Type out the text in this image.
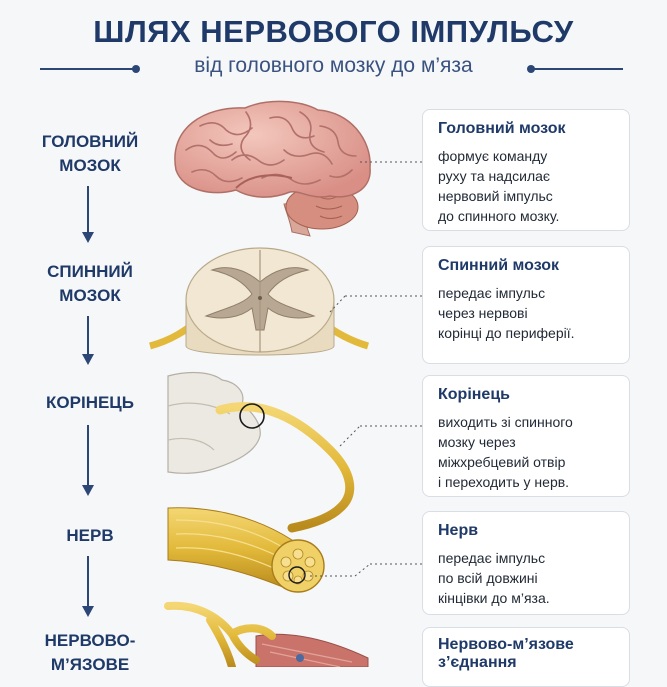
ШЛЯХ НЕРВОВОГО ІМПУЛЬСУ
від головного мозку до м’яза
ГОЛОВНИЙ
МОЗОК
СПИННИЙ
МОЗОК
КОРІНЕЦЬ
НЕРВ
НЕРВОВО-
М’ЯЗОВЕ
Головний мозок
формує команду
руху та надсилає
нервовий імпульс
до спинного мозку.
Спинний мозок
передає імпульс
через нервові
корінці до периферії.
Корінець
виходить зі спинного
мозку через
міжхребцевий отвір
і переходить у нерв.
Нерв
передає імпульс
по всій довжині
кінцівки до м’яза.
Нервово-м’язове
з’єднання
